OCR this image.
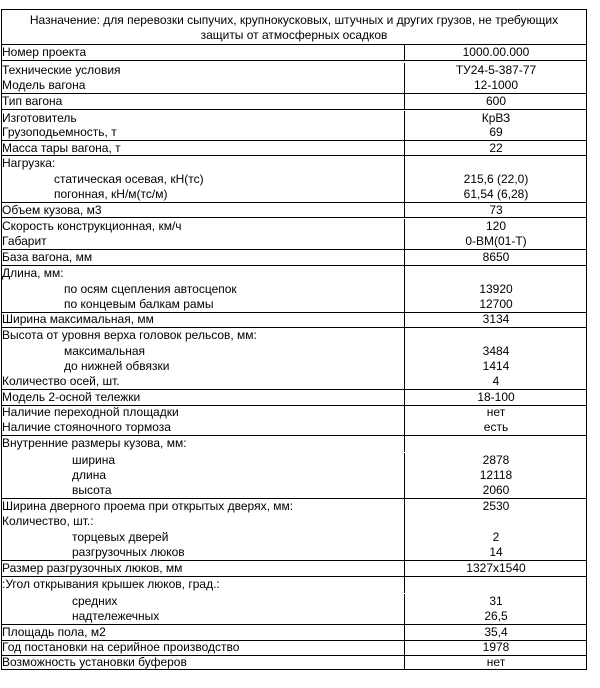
Назначение: для перевозки сыпучих, крупнокусковых, штучных и других грузов, не требующих
защиты от атмосферных осадков
Номер проекта	1000.00.000
Технические условия	ТУ24-5-387-77
Модель вагона	12-1000
Тип вагона	600
Изготовитель	КрВЗ
Грузоподьемность, т	69
Масса тары вагона, т	22
Нагрузка:
статическая осевая, кН(тс)	215,6 (22,0)
погонная, кН/м(тс/м)	61,54 (6,28)
Объем кузова, м3	73
Скорость конструкционная, км/ч	120
Габарит	0-ВМ(01-Т)
База вагона, мм	8650
Длина, мм:
по осям сцепления автосцепок	13920
по концевым балкам рамы	12700
Ширина максимальная, мм	3134
Высота от уровня верха головок рельсов, мм:
максимальная	3484
до нижней обвязки	1414
Количество осей, шт.	4
Модель 2-осной тележки	18-100
Наличие переходной площадки	нет
Наличие стояночного тормоза	есть
Внутренние размеры кузова, мм:
ширина	2878
длина	12118
высота	2060
Ширина дверного проема при открытых дверях, мм:	2530
Количество, шт.:
торцевых дверей	2
разгрузочных люков	14
Размер разгрузочных люков, мм	1327x1540
:Угол открывания крышек люков, град.:
средних	31
надтележечных	26,5
Площадь пола, м2	35,4
Год постановки на серийное производство	1978
Возможность установки буферов	нет
